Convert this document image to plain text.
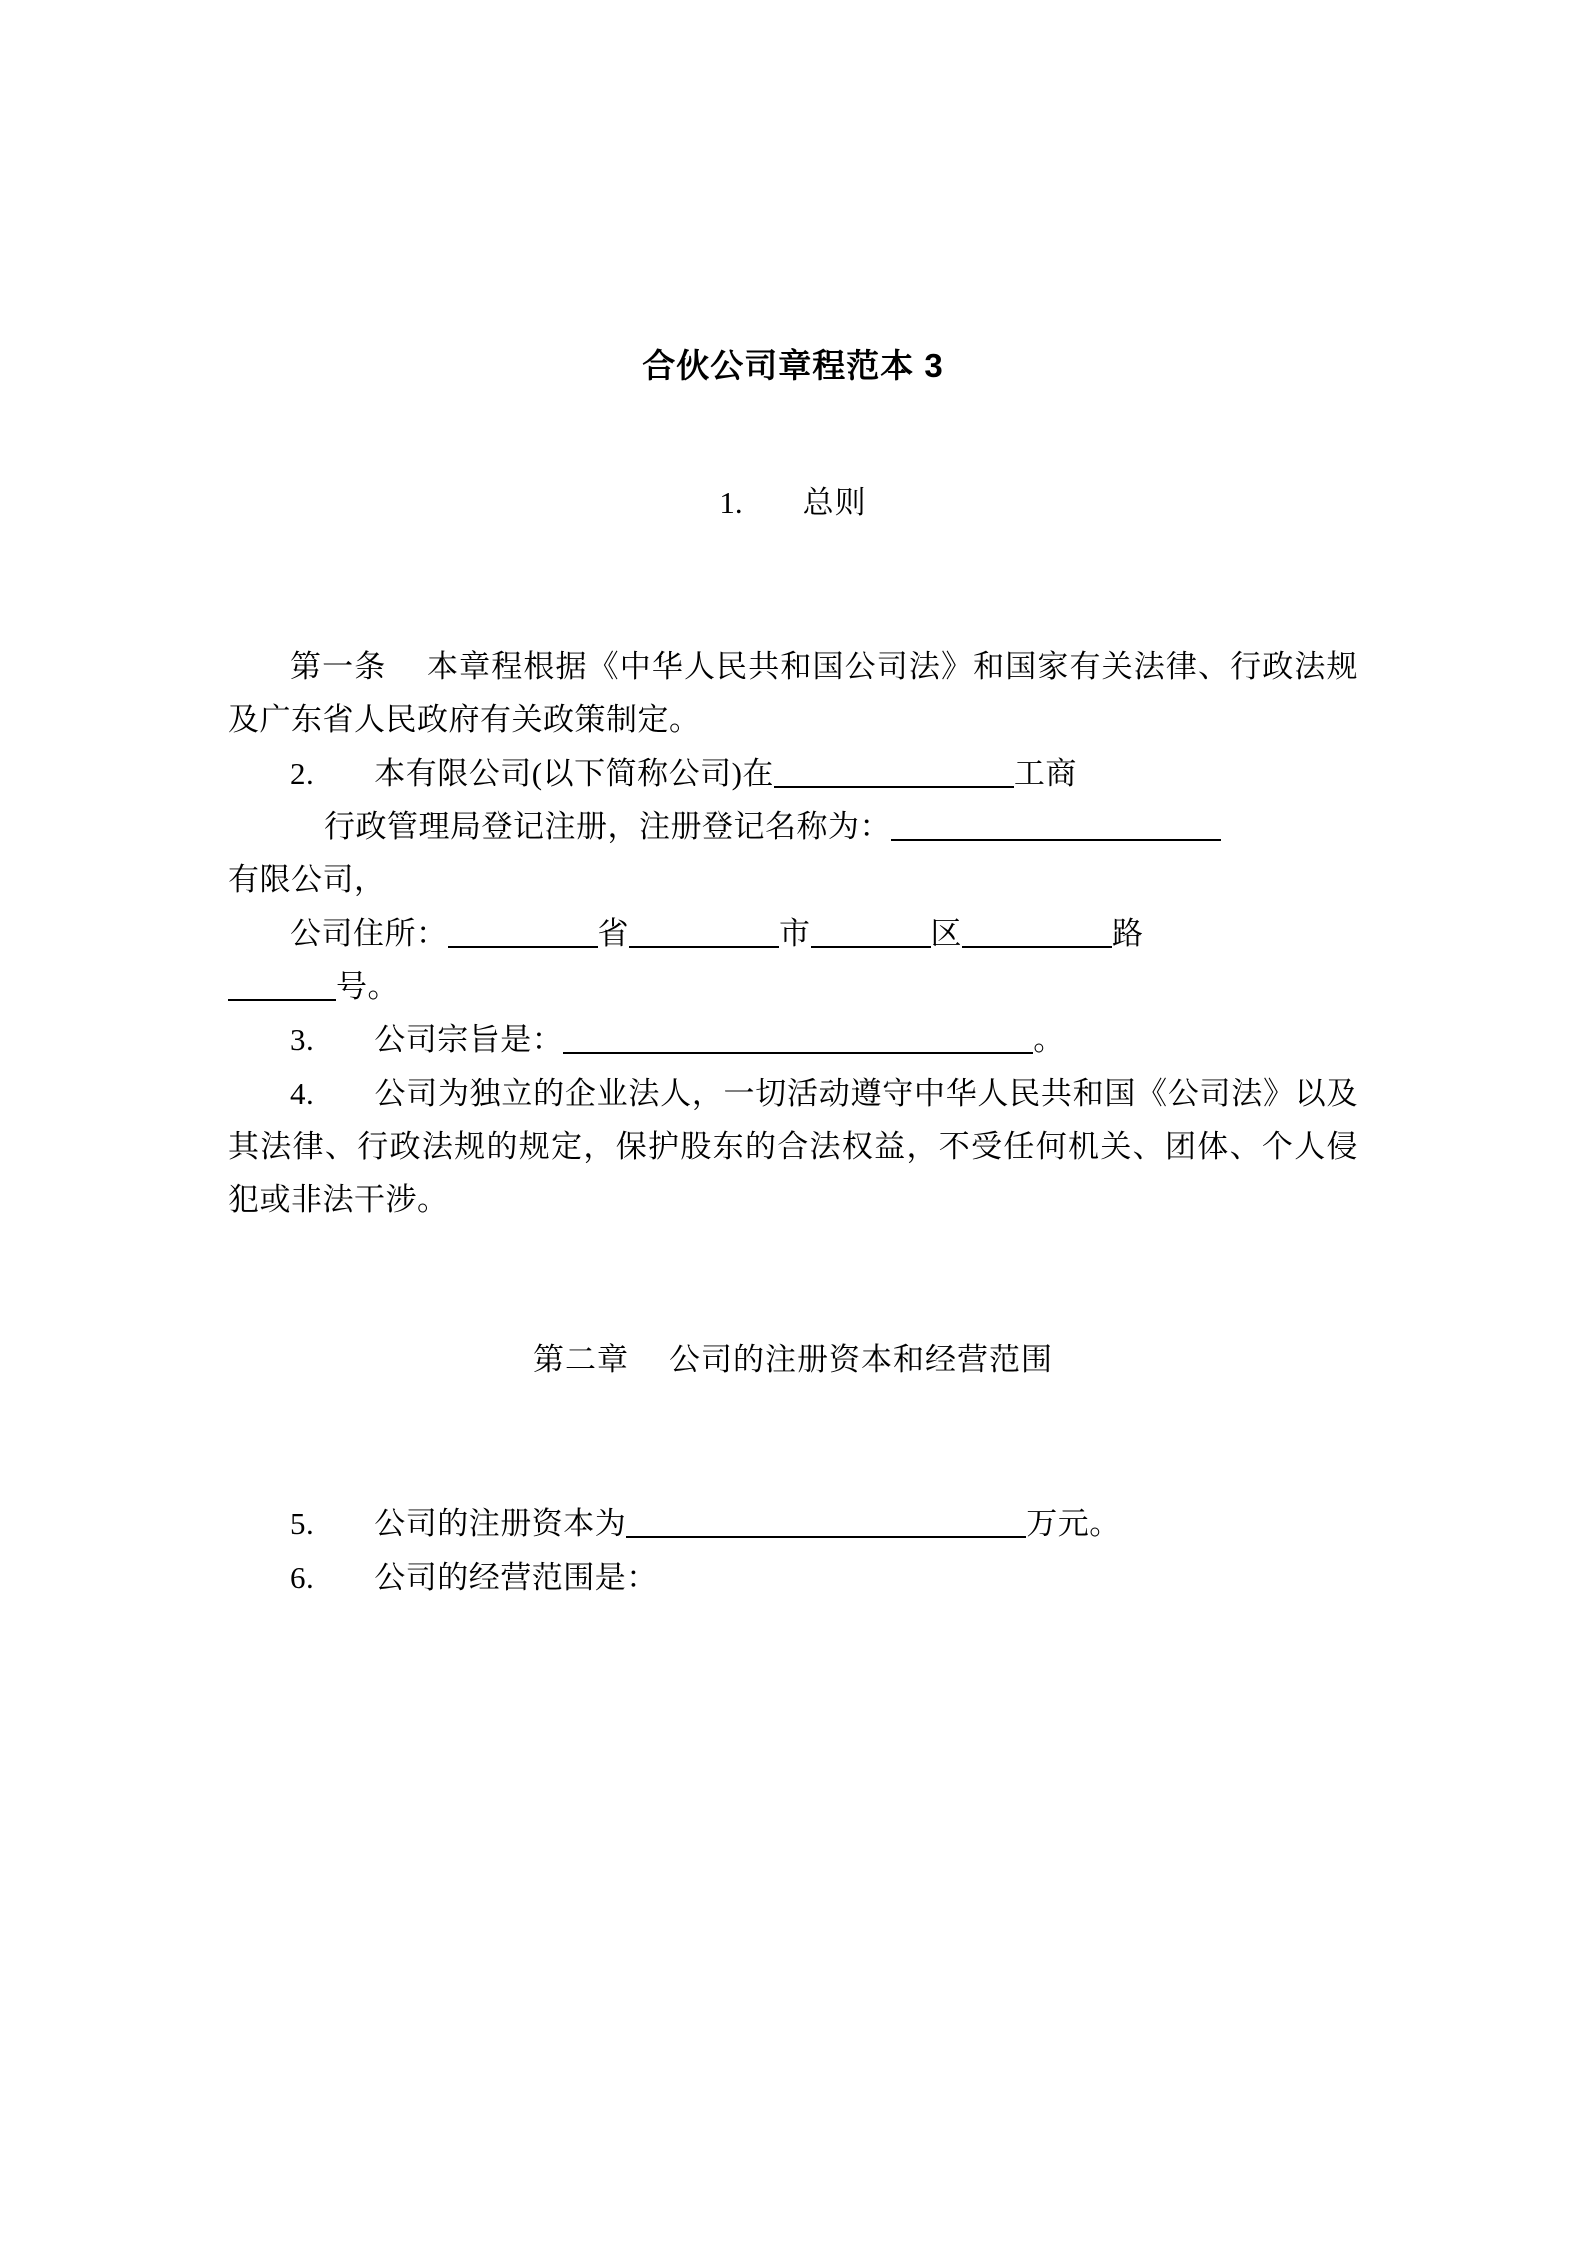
合伙公司章程范本 3
1. 总则

第一条 本章程根据《中华人民共和国公司法》和国家有关法律、行政法规及广东省人民政府有关政策制定。

2. 本有限公司(以下简称公司)在	工商

行政管理局登记注册，注册登记名称为：

有限公司，

公司住所：	省	市	区	路

号。

3. 公司宗旨是：	。

4. 公司为独立的企业法人，一切活动遵守中华人民共和国《公司法》以及其法律、行政法规的规定，保护股东的合法权益，不受任何机关、团体、个人侵犯或非法干涉。

第二章 公司的注册资本和经营范围

5. 公司的注册资本为	万元。

6. 公司的经营范围是：
